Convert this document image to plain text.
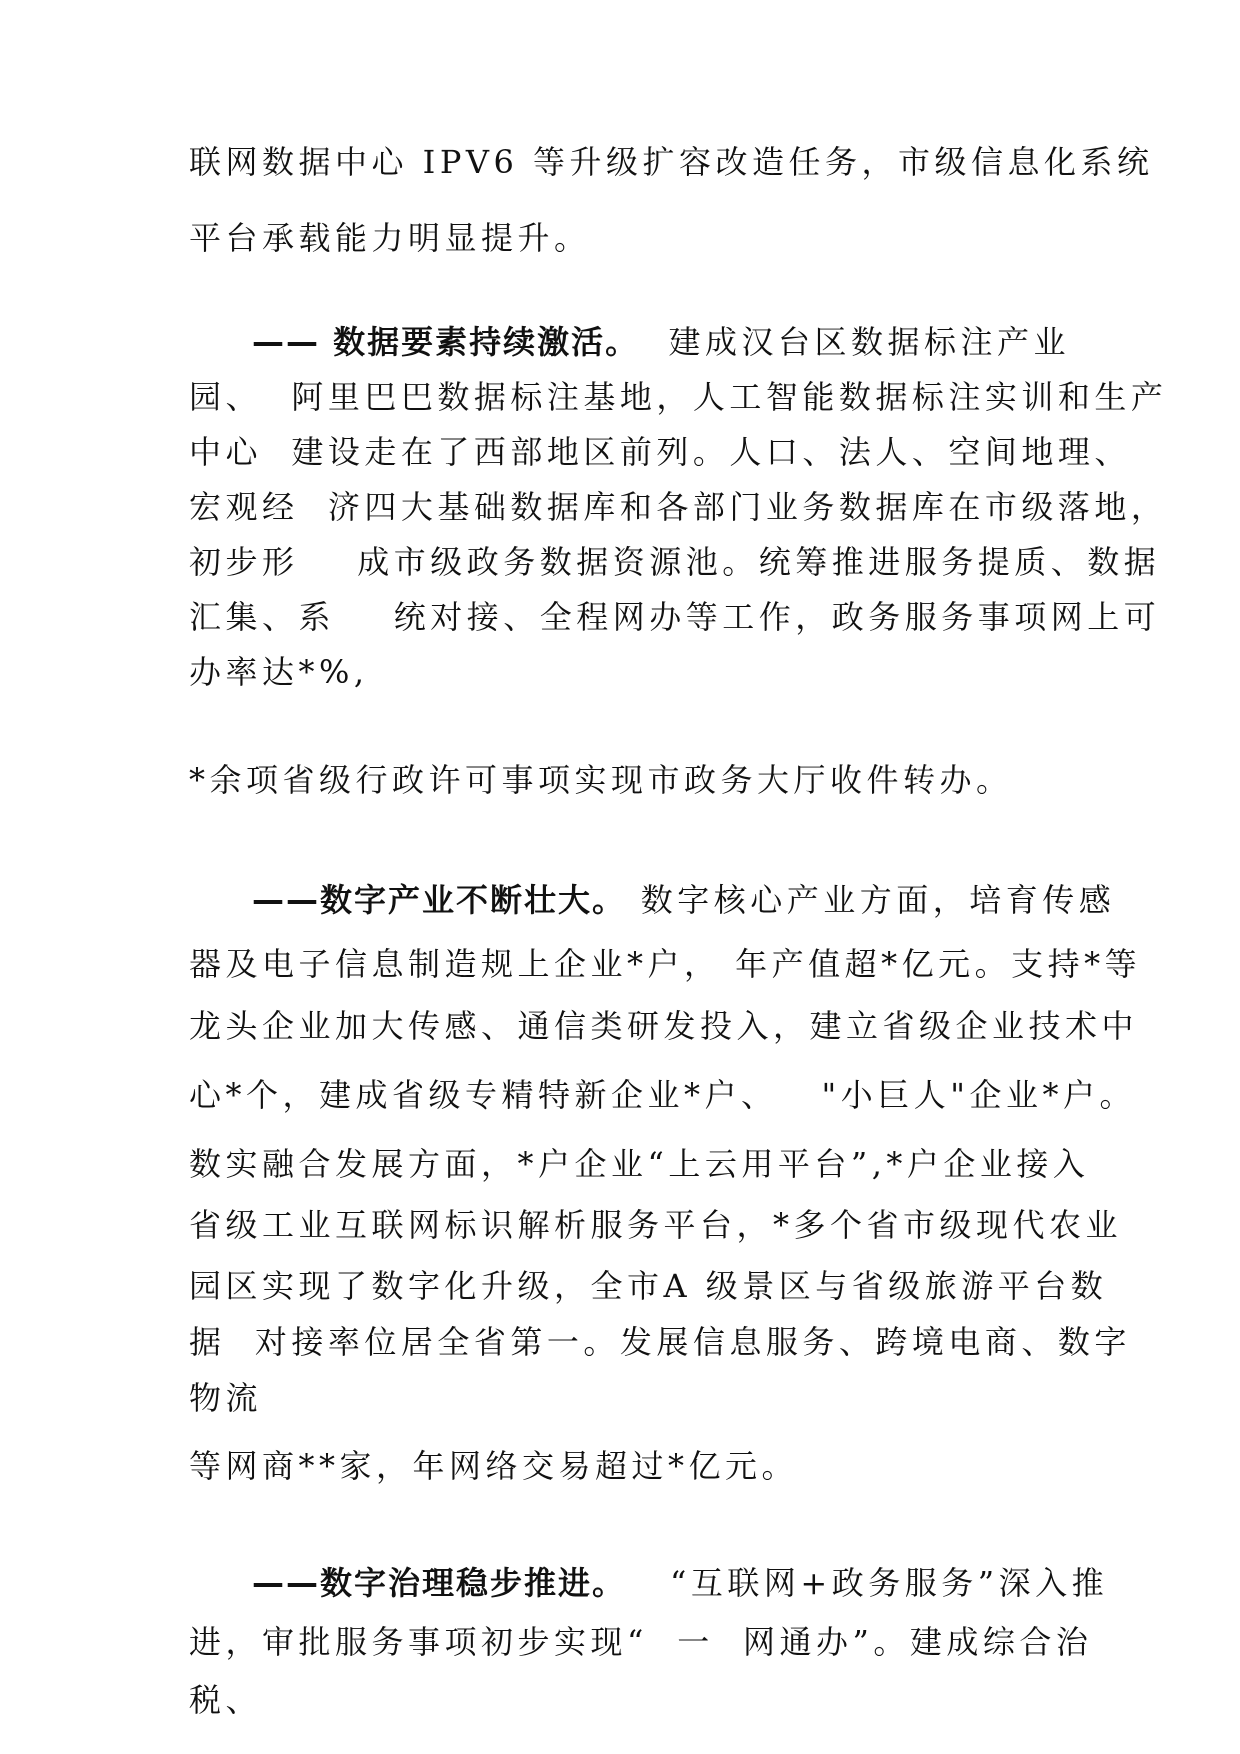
联网数据中心 IPV6 等升级扩容改造任务，市级信息化系统
平台承载能力明显提升。
—— 数据要素持续激活。  建成汉台区数据标注产业
园、  阿里巴巴数据标注基地，人工智能数据标注实训和生产
中心  建设走在了西部地区前列。人口、法人、空间地理、
宏观经  济四大基础数据库和各部门业务数据库在市级落地，
初步形    成市级政务数据资源池。统筹推进服务提质、数据
汇集、系    统对接、全程网办等工作，政务服务事项网上可
办率达*%,
*余项省级行政许可事项实现市政务大厅收件转办。
——数字产业不断壮大。 数字核心产业方面，培育传感
器及电子信息制造规上企业*户， 年产值超*亿元。支持*等
龙头企业加大传感、通信类研发投入，建立省级企业技术中
心*个，建成省级专精特新企业*户、   "小巨人"企业*户。
数实融合发展方面，*户企业“上云用平台”,*户企业接入
省级工业互联网标识解析服务平台，*多个省市级现代农业
园区实现了数字化升级，全市A 级景区与省级旅游平台数
据  对接率位居全省第一。发展信息服务、跨境电商、数字
物流
等网商**家，年网络交易超过*亿元。
——数字治理稳步推进。   “互联网+政务服务”深入推
进，审批服务事项初步实现“  一  网通办”。建成综合治
税、
